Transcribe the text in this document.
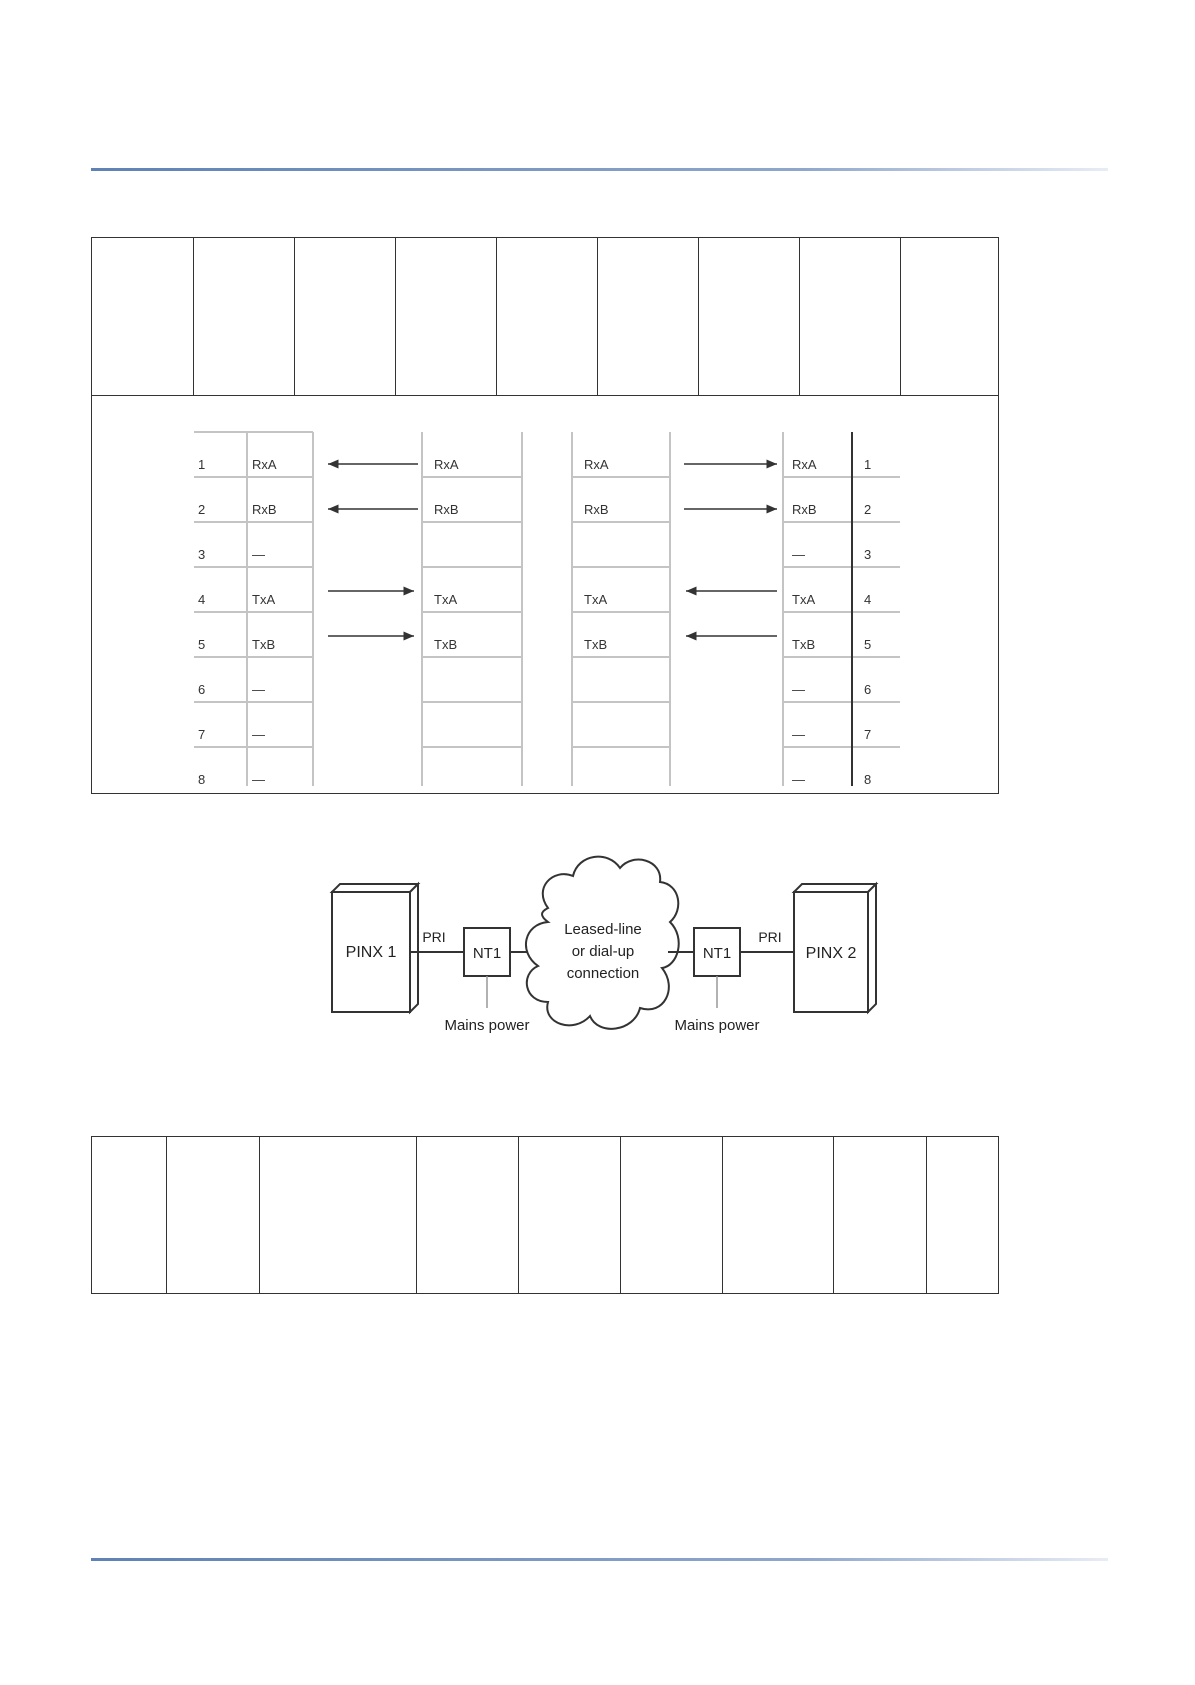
1	RxA
2	RxB
3	—
4	TxA
5	TxB
6	—
7	—
8	—
RxA
RxB
TxA
TxB
RxA
RxB
TxA
TxB
RxA	1
RxB	2
—	3
TxA	4
TxB	5
—	6
—	7
—	8
PINX 1
PRI
NT1
Mains power
Leased-line
or dial-up
connection
NT1
Mains power
PRI
PINX 2
